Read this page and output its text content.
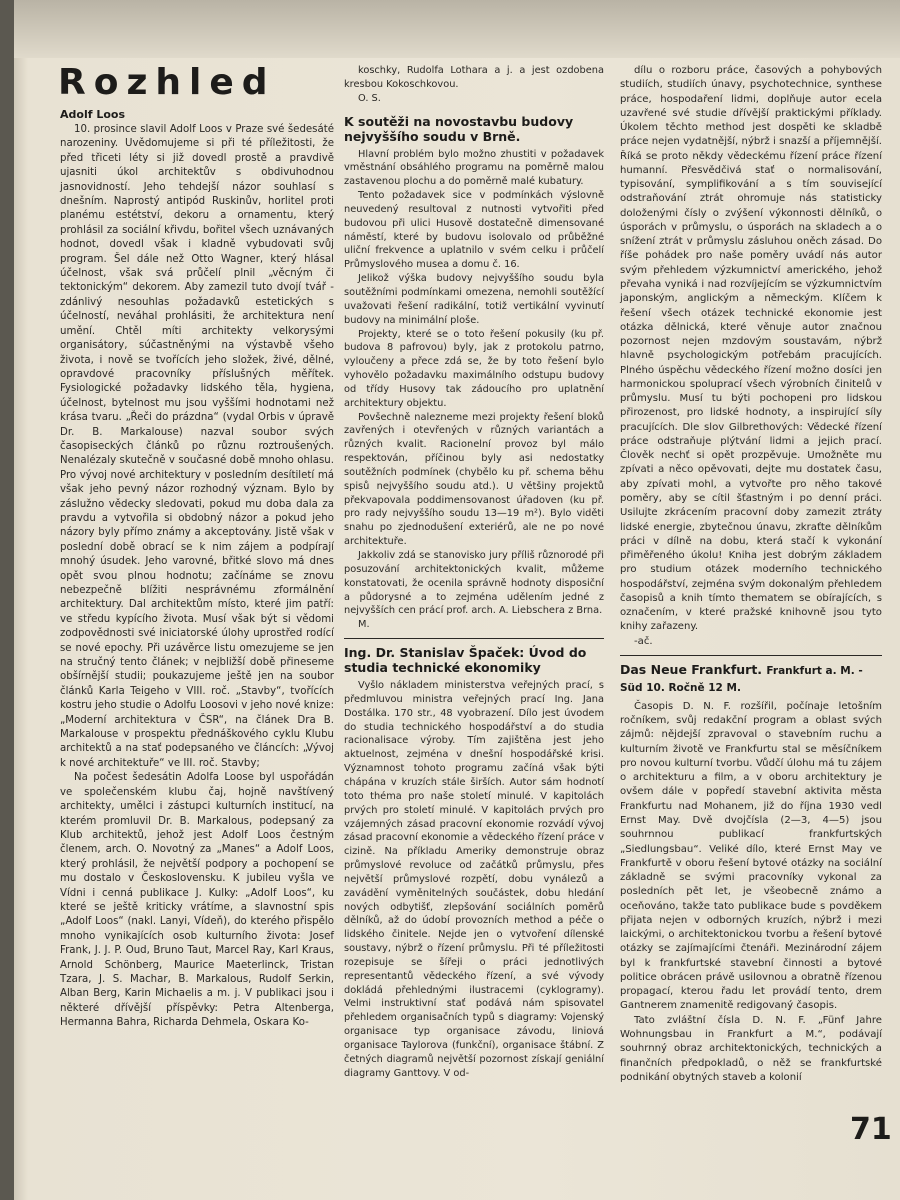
Rozhled
Adolf Loos

10. prosince slavil Adolf Loos v Praze své šedesáté narozeniny. Uvědomujeme si při té příležitosti, že před třiceti léty si již dovedl prostě a pravdivě ujasniti úkol architektův s obdivuhodnou jasnovidností. Jeho tehdejší názor souhlasí s dnešním. Naprostý antipód Ruskinův, horlitel proti planému estétství, dekoru a ornamentu, který prohlásil za sociální křivdu, bořitel všech uznávaných hodnot, dovedl však i kladně vybudovati svůj program. Šel dále než Otto Wagner, který hlásal účelnost, však svá průčelí plnil „věcným či tektonickým“ dekorem. Aby zamezil tuto dvojí tvář - zdánlivý nesouhlas požadavků estetických s účelností, neváhal prohlásiti, že architektura není umění. Chtěl míti architekty velkorysými organisátory, súčastněnými na výstavbě všeho života, i nově se tvořících jeho složek, živé, dělné, opravdové pracovníky příslušných měřítek. Fysiologické požadavky lidského těla, hygiena, účelnost, bytelnost mu jsou vyššími hodnotami než krása tvaru. „Řeči do prázdna“ (vydal Orbis v úpravě Dr. B. Markalouse) nazval soubor svých časopiseckých článků po různu roztroušených. Nenalézaly skutečně v současné době mnoho ohlasu. Pro vývoj nové architektury v posledním desítiletí má však jeho pevný názor rozhodný význam. Bylo by záslužno vědecky sledovati, pokud mu doba dala za pravdu a vytvořila si obdobný názor a pokud jeho názory byly přímo známy a akceptovány. Jistě však v poslední době obrací se k nim zájem a podpírají mnohý úsudek. Jeho varovné, břitké slovo má dnes opět svou plnou hodnotu; začínáme se znovu nebezpečně blížiti nesprávnému zformálnění architektury. Dal architektům místo, které jim patří: ve středu kypícího života. Musí však být si vědomi zodpovědnosti své iniciatorské úlohy uprostřed rodící se nové epochy. Při uzávěrce listu omezujeme se jen na stručný tento článek; v nejbližší době přineseme obšírnější studii; poukazujeme ještě jen na soubor článků Karla Teigeho v VIII. roč. „Stavby“, tvořících kostru jeho studie o Adolfu Loosovi v jeho nové knize: „Moderní architektura v ČSR“, na článek Dra B. Markalouse v prospektu přednáškového cyklu Klubu architektů a na stať podepsaného ve článcích: „Vývoj k nové architektuře“ ve III. roč. Stavby;

Na počest šedesátin Adolfa Loose byl uspořádán ve společenském klubu čaj, hojně navštívený architekty, umělci i zástupci kulturních institucí, na kterém promluvil Dr. B. Markalous, podepsaný za Klub architektů, jehož jest Adolf Loos čestným členem, arch. O. Novotný za „Manes“ a Adolf Loos, který prohlásil, že největší podpory a pochopení se mu dostalo v Československu. K jubileu vyšla ve Vídni i cenná publikace J. Kulky: „Adolf Loos“, ku které se ještě kriticky vrátíme, a slavnostní spis „Adolf Loos“ (nakl. Lanyi, Vídeň), do kterého přispělo mnoho vynikajících osob kulturního života: Josef Frank, J. J. P. Oud, Bruno Taut, Marcel Ray, Karl Kraus, Arnold Schönberg, Maurice Maeterlinck, Tristan Tzara, J. S. Machar, B. Markalous, Rudolf Serkin, Alban Berg, Karin Michaelis a m. j. V publikaci jsou i některé dřívější příspěvky: Petra Altenberga, Hermanna Bahra, Richarda Dehmela, Oskara Ko-

koschky, Rudolfa Lothara a j. a jest ozdobena kresbou Kokoschkovou.

O. S.

K soutěži na novostavbu budovy nejvyššího soudu v Brně.

Hlavní problém bylo možno zhustiti v požadavek vměstnání obsáhlého programu na poměrně malou zastavenou plochu a do poměrně malé kubatury.

Tento požadavek sice v podmínkách výslovně neuvedený resultoval z nutnosti vytvořiti před budovou při ulici Husově dostatečně dimensované náměstí, které by budovu isolovalo od průběžné uliční frekvence a uplatnilo v svém celku i průčelí Průmyslového musea a domu č. 16.

Jelikož výška budovy nejvyššího soudu byla soutěžními podmínkami omezena, nemohli soutěžící uvažovati řešení radikální, totiž vertikální vyvinutí budovy na minimální ploše.

Projekty, které se o toto řešení pokusily (ku př. budova 8 pafrovou) byly, jak z protokolu patrno, vyloučeny a přece zdá se, že by toto řešení bylo vyhovělo požadavku maximálního odstupu budovy od třídy Husovy tak zádoucího pro uplatnění architektury objektu.

Povšechně nalezneme mezi projekty řešení bloků zavřených i otevřených v různých variantách a různých kvalit. Racionelní provoz byl málo respektován, příčinou byly asi nedostatky soutěžních podmínek (chybělo ku př. schema běhu spisů nejvyššího soudu atd.). U většiny projektů překvapovala poddimensovanost úřadoven (ku př. pro rady nejvyššího soudu 13—19 m²). Bylo viděti snahu po zjednodušení exteriérů, ale ne po nové architektuře.

Jakkoliv zdá se stanovisko jury příliš různorodé při posuzování architektonických kvalit, můžeme konstatovati, že ocenila správně hodnoty disposiční a půdorysné a to zejména udělením jedné z nejvyšších cen prácí prof. arch. A. Liebschera z Brna.

M.

Ing. Dr. Stanislav Špaček: Úvod do studia technické ekonomiky

Vyšlo nákladem ministerstva veřejných prací, s předmluvou ministra veřejných prací Ing. Jana Dostálka. 170 str., 48 vyobrazení. Dílo jest úvodem do studia technického hospodářství a do studia racionalisace výroby. Tím zajištěna jest jeho aktuelnost, zejména v dnešní hospodářské krisi. Významnost tohoto programu začíná však býti chápána v kruzích stále širších. Autor sám hodnotí toto théma pro naše století minulé. V kapitolách prvých pro století minulé. V kapitolách prvých pro vzájemných zásad pracovní ekonomie rozvádí vývoj zásad pracovní ekonomie a vědeckého řízení práce v cizině. Na příkladu Ameriky demonstruje obraz průmyslové revoluce od začátků průmyslu, přes největší průmyslové rozpětí, dobu vynálezů a zavádění vyměnitelných součástek, dobu hledání nových odbytišť, zlepšování sociálních poměrů dělníků, až do údobí provozních method a péče o lidského činitele. Nejde jen o vytvoření dílenské soustavy, nýbrž o řízení průmyslu. Při té příležitosti rozepisuje se šířeji o práci jednotlivých representantů vědeckého řízení, a své vývody dokládá přehlednými ilustracemi (cyklogramy). Velmi instruktivní stať podává nám spisovatel přehledem organisačních typů s diagramy: Vojenský organisace typ organisace závodu, liniová organisace Taylorova (funkční), organisace štábní. Z četných diagramů největší pozornost získají geniální diagramy Ganttovy. V od-

dílu o rozboru práce, časových a pohybových studiích, studiích únavy, psychotechnice, synthese práce, hospodaření lidmi, doplňuje autor ecela uzavřené své studie dřívější praktickými příklady. Úkolem těchto method jest dospěti ke skladbě práce nejen vydatnější, nýbrž i snazší a příjemnější. Říká se proto někdy vědeckému řízení práce řízení humanní. Přesvědčivá stať o normalisování, typisování, symplifikování a s tím související odstraňování ztrát ohromuje nás statisticky doloženými čísly o zvýšení výkonnosti dělníků, o úsporách v průmyslu, o úsporách na skladech a o snížení ztrát v průmyslu zásluhou oněch zásad. Do říše pohádek pro naše poměry uvádí nás autor svým přehledem výzkumnictví amerického, jehož převaha vyniká i nad rozvíjejícím se výzkumnictvím japonským, anglickým a německým. Klíčem k řešení všech otázek technické ekonomie jest otázka dělnická, které věnuje autor značnou pozornost nejen mzdovým soustavám, nýbrž hlavně psychologickým potřebám pracujících. Plného úspěchu vědeckého řízení možno dosíci jen harmonickou spoluprací všech výrobních činitelů v průmyslu. Musí tu býti pochopeni pro lidskou přirozenost, pro lidské hodnoty, a inspirující síly pracujících. Dle slov Gilbrethových: Vědecké řízení práce odstraňuje plýtvání lidmi a jejich prací. Člověk nechť si opět prozpěvuje. Umožněte mu zpívati a něco opěvovati, dejte mu dostatek času, aby zpívati mohl, a vytvořte pro něho takové poměry, aby se cítil šťastným i po denní práci. Usilujte zkrácením pracovní doby zamezit ztráty lidské energie, zbytečnou únavu, zkraťte dělníkům práci v dílně na dobu, která stačí k vykonání přiměřeného úkolu! Kniha jest dobrým základem pro studium otázek moderního technického hospodářství, zejména svým dokonalým přehledem časopisů a knih tímto thematem se obírajících, s označením, v které pražské knihovně jsou tyto knihy zařazeny.

-ač.

Das Neue Frankfurt. Frankfurt a. M. - Süd 10. Ročně 12 M.

Časopis D. N. F. rozšířil, počínaje letošním ročníkem, svůj redakční program a oblast svých zájmů: nějdejší zpravoval o stavebním ruchu a kulturním životě ve Frankfurtu stal se měsíčníkem pro novou kulturní tvorbu. Vůdčí úlohu má tu zájem o architekturu a film, a v oboru architektury je ovšem dále v popředí stavební aktivita města Frankfurtu nad Mohanem, již do října 1930 vedl Ernst May. Dvě dvojčísla (2—3, 4—5) jsou souhrnnou publikací frankfurtských „Siedlungsbau“. Veliké dílo, které Ernst May ve Frankfurtě v oboru řešení bytové otázky na sociální základně se svými pracovníky vykonal za posledních pět let, je všeobecně známo a oceňováno, takže tato publikace bude s povděkem přijata nejen v odborných kruzích, nýbrž i mezi laickými, o architektonickou tvorbu a řešení bytové otázky se zajímajícími čtenáři. Mezinárodní zájem byl k frankfurtské stavební činnosti a bytové politice obrácen právě usilovnou a obratně řízenou propagací, kterou řadu let provádí tento, drem Gantnerem znamenitě redigovaný časopis.

Tato zvláštní čísla D. N. F. „Fünf Jahre Wohnungsbau in Frankfurt a M.“, podávají souhrnný obraz architektonických, technických a finančních předpokladů, o něž se frankfurtské podnikání obytných staveb a kolonií

71
